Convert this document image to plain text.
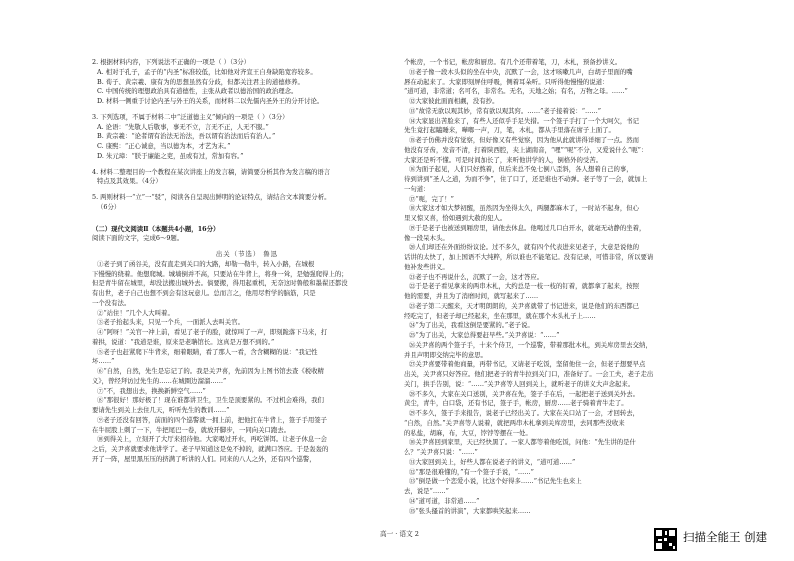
2. 根据材料内容，下列说法不正确的一项是（ ）（3分）
A. 相对于孔子，孟子的“内圣”标准较低，比如他对齐宣王自身缺陷宽容较多。
B. 荀子、黄宗羲、康有为的思想虽然有分歧，但都关注君主的道德修养。
C. 中国传统的理想政治具有道德性，主张从政者以德治国的政治理念。
D. 材料一侧重于讨论内圣与外王的关系，而材料二以先儒内圣外王的分开讨论。
3. 下列选项，不属于材料二中“泛道德主义”倾向的一项是（ ）（3分）
A. 论语：“先敬人后敬事，事无不立，言无不正，人无不服。”
B. 黄宗羲：“论者谓有治法无治法，吾以谓有治法而后有治人。”
C. 康熙：“正心诚意，当以德为本，才艺为末。”
D. 朱元璋：“朕于廉能之吏，虽或有过，常加有容。”
4. 材料二整理目的一个教程在某次讲座上的发言稿，请简要分析其作为发言稿的语言
特点及其效果。（4分）
5. 两则材料一“立”一“驳”，阅读各自呈现出鲜明的论证特点，请结合文本简要分析。
（6分）
（二）现代文阅读Ⅱ（本题共4小题，16分）
阅读下面的文字，完成6～9题。
出关（节选） 鲁迅
①老子到了函谷关，没有直走到关口的大路，却勒一勒牛，转入小路，在城根
下慢慢的绕着。他想爬城。城墙倒并不高，只要站在牛背上，将身一耸，是勉强爬得上的；
但是青牛留在城里，却没法搬出城外去。倘要搬，得用起重机，无奈这时鲁般和墨翟还都没
有出世，老子自己也想不到会有这玩意儿。总而言之，他用尽哲学的脑筋，只是
一个没有法。
②“站住！”几个人大叫着。
③老子抬起头来，只见一个兵，一面派人去叫关官。
④“阿呀！”关官一冲上前，看见了老子的脸，就惊叫了一声，即刻跪落下马来，打
着拱，说道：“我道是谁，原来是老聃馆长。这真是万想不到的。”
⑤老子也赶紧爬下牛背来，细着眼睛，看了那人一看，含含糊糊的说：“我记性
坏……”
⑥“自然，自然，先生是忘记了的。我是关尹喜，先前因为上图书馆去查《税收精
义》，曾经拜访过先生的……在城圈边溜溜……”
⑦“不，我想出去，换换新鲜空气……”
⑧“那很好！那好极了！现在谁都讲卫生，卫生是顶要紧的。不过机会难得，我们
要请先生到关上去住几天，听听先生的教训……”
⑨老子还没有回答，前面的四个巡警就一拥上前，把他扛在牛背上，签子手用签子
在牛屁股上刺了一下，牛把尾巴一卷，就放开脚步，一同向关口跑去。
⑩到得关上，立刻开了大厅来招待他。大家喝过开水，再吃饼饵。让老子休息一会
之后，关尹喜就要求他讲学了。老子早知道这是免不掉的，就满口答应。于是轰轰的
开了一阵，屋里黑压压的挤满了听讲的人们。同来的八人之外，还有四个巡警，
个帐房，一个书记，帐房和厨房。有几个还带着笔，刀，木札，预备抄讲义。
⑪老子像一段木头似的坐在中央，沉默了一会，这才咳嗽几声，白胡子里面的嘴
唇在动起来了。大家即刻屏住呼吸，侧着耳朵听。只听得他慢慢的说道：
“道可道，非常道；名可名，非常名。无名，天地之始；有名，万物之母。……”
⑫大家彼此面面相觑，没有抄。
⑬“故常无欲以观其妙，常有欲以观其窍。……”老子接着说：“……”
⑭大家显出苦脸来了，有些人还似乎手足失措。一个签子手打了一个大呵欠，书记
先生竟打起瞌睡来，嘩啷一声，刀，笔，木札，都从手里落在席子上面了。
⑮老子仿佛并没有觉察，但好像又有些觉察，因为他从此就讲得详细了一点。然而
他没有牙齿，发音不清，打着陕西腔，夹上湖南音，“哩”“呢”不分，又爱说什么“呃”：
大家还是听不懂。可是时间加长了，来听他讲学的人，倒格外的受苦。
⑯为面子起见，人们只好熬着，但后来总不免七倒八歪斜，各人想着自己的事，
待到讲到“圣人之道，为而不争”，住了口了，还是谁也不动弹。老子等了一会，就加上
一句道：
⑰“呃，完了！”
⑱大家这才如大梦初醒，虽然因为坐得太久，两腿都麻木了，一时站不起身，但心
里又惊又喜，恰如遇到大赦的犯人。
⑲于是老子也被送到厢房里，请他去休息。他喝过几口白开水，就毫无动静的坐着，
像一段呆木头。
⑳人们却还在外面纷纷议论。过不多久，就有四个代表进来见老子，大意是说他的
话讲的太快了，加上国语不大纯粹，所以谁也不能笔记。没有记录，可惜非常，所以要请
他补发些讲义。
㉑老子也不再说什么，沉默了一会，这才答应。
㉒于是老子看见拿来的两串木札，大约总是一枝一枝的钉着，就都拿了起来，按照
他的需要，并且为了消磨时间，就写起来了……
㉓老子第二天醒来，天才明朗朗的，关尹喜就带了书记进来，说是他们的东西都已
经吃完了，但老子却已经起来，坐在那里，就在那个木头札子上……
㉔“为了出关，我看这倒是要紧的。”老子说。
㉕“为了出关，大家总得要赶早些。”关尹喜说：“……”
㉖关尹喜的两个签子手，十来个侍卫，一个巡警，带着那批木札，到关库房里去交纳，
并且声明即交纳完毕的意思。
㉗关尹喜要带着他商量，再带书记，又请老子吃饭，坚留他住一会，但老子想要早点
出关，关尹喜只好答应。他们把老子的青牛拉到关门口，准备好了。一会工夫，老子走出
关门，拱手告别，说：“……”关尹喜等人回到关上，就听老子的讲义大声念起来。
㉘不多久，大家在关口送别，关尹喜在先，签子手在后，一起把老子送到关外去。
黄尘，青牛，白口袋，还有书记，签子手，帐房，厨房……老子骑着青牛走了。
㉙不多久，签子手来报告，说老子已经出关了。大家在关口站了一会，才回转去，
“自然，自然。”关尹喜等人说着，就把两串木札拿到关库房里，去同那些没收来
的私盐，胡麻，布，大豆，饽饽等摆在一处。
㉚关尹喜回到家里，天已经快黑了。一家人都等着他吃饭，问他：“先生讲的是什
么？”关尹喜只说：“……”
㉛大家回到关上，好些人都在说老子的讲义，“道可道……”
㉜“那是很难懂的，”有一个签子手说，“……”
㉝“倒是做一个恋爱小说，比这个好得多……”书记先生也来上
去，说是“……”
㉞“道可道，非常道……”
㉟“张头搔首的讲演”，大家都哄笑起来……
高一 · 语文 2	扫描全能王 创建
